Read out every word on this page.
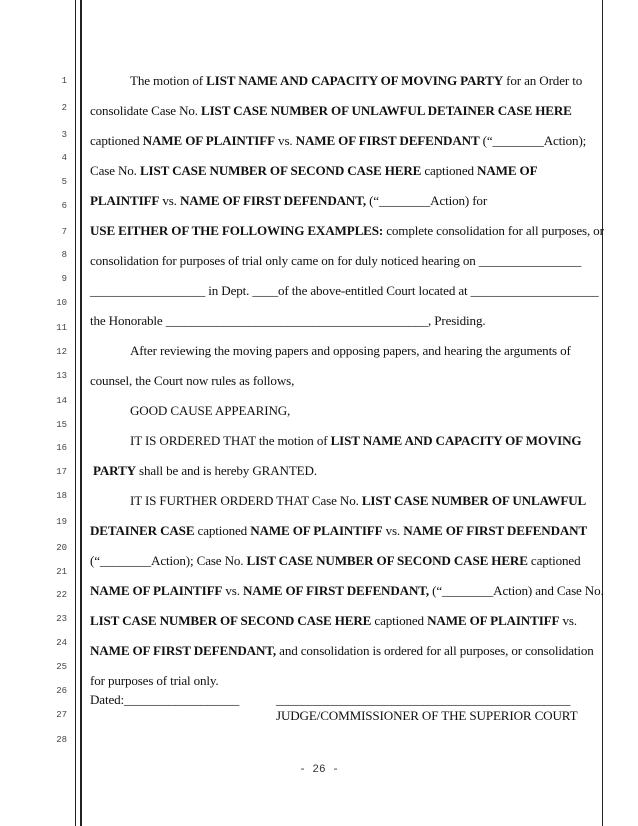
1
2
3
4
5
6
7
8
9
10
11
12
13
14
15
16
17
18
19
20
21
22
23
24
25
26
27
28
The motion of LIST NAME AND CAPACITY OF MOVING PARTY for an Order to
consolidate Case No. LIST CASE NUMBER OF UNLAWFUL DETAINER CASE HERE
captioned NAME OF PLAINTIFF vs. NAME OF FIRST DEFENDANT (“________Action);
Case No. LIST CASE NUMBER OF SECOND CASE HERE captioned NAME OF
PLAINTIFF vs. NAME OF FIRST DEFENDANT, (“________Action) for
USE EITHER OF THE FOLLOWING EXAMPLES: complete consolidation for all purposes, or
consolidation for purposes of trial only came on for duly noticed hearing on ________________
__________________ in Dept. ____of the above-entitled Court located at ____________________
the Honorable _________________________________________, Presiding.
After reviewing the moving papers and opposing papers, and hearing the arguments of
counsel, the Court now rules as follows,
GOOD CAUSE APPEARING,
IT IS ORDERED THAT the motion of LIST NAME AND CAPACITY OF MOVING
PARTY shall be and is hereby GRANTED.
IT IS FURTHER ORDERD THAT Case No. LIST CASE NUMBER OF UNLAWFUL
DETAINER CASE captioned NAME OF PLAINTIFF vs. NAME OF FIRST DEFENDANT
(“________Action); Case No. LIST CASE NUMBER OF SECOND CASE HERE captioned
NAME OF PLAINTIFF vs. NAME OF FIRST DEFENDANT, (“________Action) and Case No.
LIST CASE NUMBER OF SECOND CASE HERE captioned NAME OF PLAINTIFF vs.
NAME OF FIRST DEFENDANT, and consolidation is ordered for all purposes, or consolidation
for purposes of trial only.
Dated:__________________	______________________________________________
JUDGE/COMMISSIONER OF THE SUPERIOR COURT
- 26 -
